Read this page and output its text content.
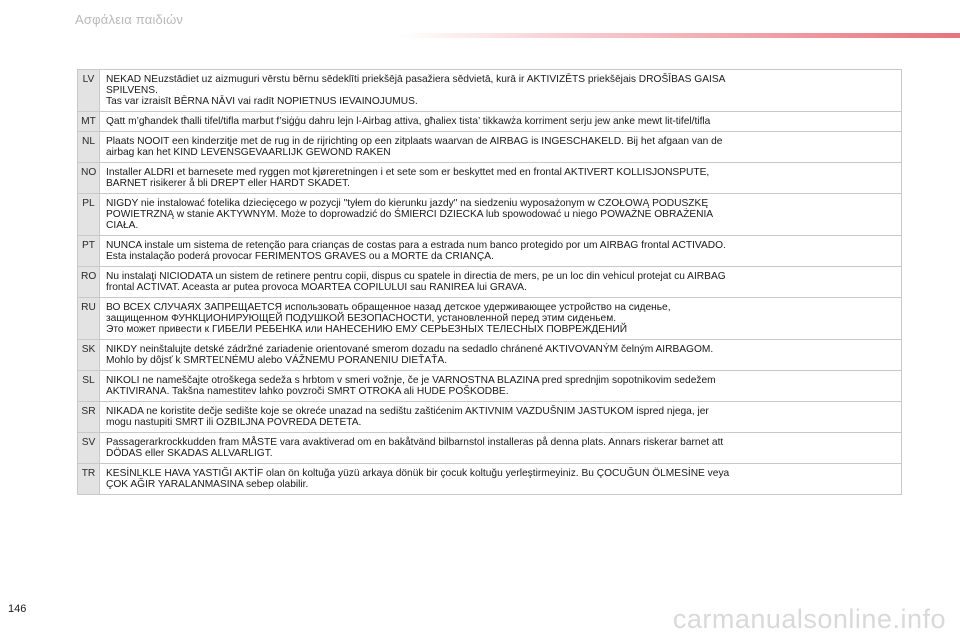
Ασφάλεια παιδιών
LV	NEKAD NEuzstādiet uz aizmuguri vērstu bērnu sēdeklīti priekšējā pasažiera sēdvietā, kurā ir AKTIVIZĒTS priekšējais DROŠĪBAS GAISA
SPILVENS.
Tas var izraisīt BĒRNA NĀVI vai radīt NOPIETNUS IEVAINOJUMUS.

MT	Qatt m’għandek tħalli tifel/tifla marbut f’siġġu dahru lejn l-Airbag attiva, għaliex tista’ tikkawża korriment serju jew anke mewt lit-tifel/tifla

NL	Plaats NOOIT een kinderzitje met de rug in de rijrichting op een zitplaats waarvan de AIRBAG is INGESCHAKELD. Bij het afgaan van de
airbag kan het KIND LEVENSGEVAARLIJK GEWOND RAKEN

NO	Installer ALDRI et barnesete med ryggen mot kjøreretningen i et sete som er beskyttet med en frontal AKTIVERT KOLLISJONSPUTE,
BARNET risikerer å bli DREPT eller HARDT SKADET.

PL	NIGDY nie instalować fotelika dziecięcego w pozycji "tyłem do kierunku jazdy" na siedzeniu wyposażonym w CZOŁOWĄ PODUSZKĘ
POWIETRZNĄ w stanie AKTYWNYM. Może to doprowadzić do ŚMIERCI DZIECKA lub spowodować u niego POWAŻNE OBRAŻENIA
CIAŁA.

PT	NUNCA instale um sistema de retenção para crianças de costas para a estrada num banco protegido por um AIRBAG frontal ACTIVADO.
Esta instalação poderá provocar FERIMENTOS GRAVES ou a MORTE da CRIANÇA.

RO	Nu instalaţi NICIODATA un sistem de retinere pentru copii, dispus cu spatele in directia de mers, pe un loc din vehicul protejat cu AIRBAG
frontal ACTIVAT. Aceasta ar putea provoca MOARTEA COPILULUI sau RANIREA lui GRAVA.

RU	ВО ВСЕХ СЛУЧАЯХ ЗАПРЕЩАЕТСЯ использовать обращенное назад детское удерживающее устройство на сиденье,
защищенном ФУНКЦИОНИРУЮЩЕЙ ПОДУШКОЙ БЕЗОПАСНОСТИ, установленной перед этим сиденьем.
Это может привести к ГИБЕЛИ РЕБЕНКА или НАНЕСЕНИЮ ЕМУ СЕРЬЕЗНЫХ ТЕЛЕСНЫХ ПОВРЕЖДЕНИЙ

SK	NIKDY neinštalujte detské zádržné zariadenie orientované smerom dozadu na sedadlo chránené AKTIVOVANÝM čelným AIRBAGOM.
Mohlo by dôjsť k SMRTEĽNÉMU alebo VÁŽNEMU PORANENIU DIEŤAŤA.

SL	NIKOLI ne nameščajte otroškega sedeža s hrbtom v smeri vožnje, če je VARNOSTNA BLAZINA pred sprednjim sopotnikovim sedežem
AKTIVIRANA. Takšna namestitev lahko povzroči SMRT OTROKA ali HUDE POŠKODBE.

SR	NIKADA ne koristite dečje sedište koje se okreće unazad na sedištu zaštićenim AKTIVNIM VAZDUŠNIM JASTUKOM ispred njega, jer
mogu nastupiti SMRT ili OZBILJNA POVREDA DETETA.

SV	Passagerarkrockkudden fram MÅSTE vara avaktiverad om en bakåtvänd bilbarnstol installeras på denna plats. Annars riskerar barnet att
DÖDAS eller SKADAS ALLVARLIGT.

TR	KESİNLKLE HAVA YASTIĞI AKTİF olan ön koltuğa yüzü arkaya dönük bir çocuk koltuğu yerleştirmeyiniz. Bu ÇOCUĞUN ÖLMESİNE veya
ÇOK AĞIR YARALANMASINA sebep olabilir.
146	carmanualsonline.info
